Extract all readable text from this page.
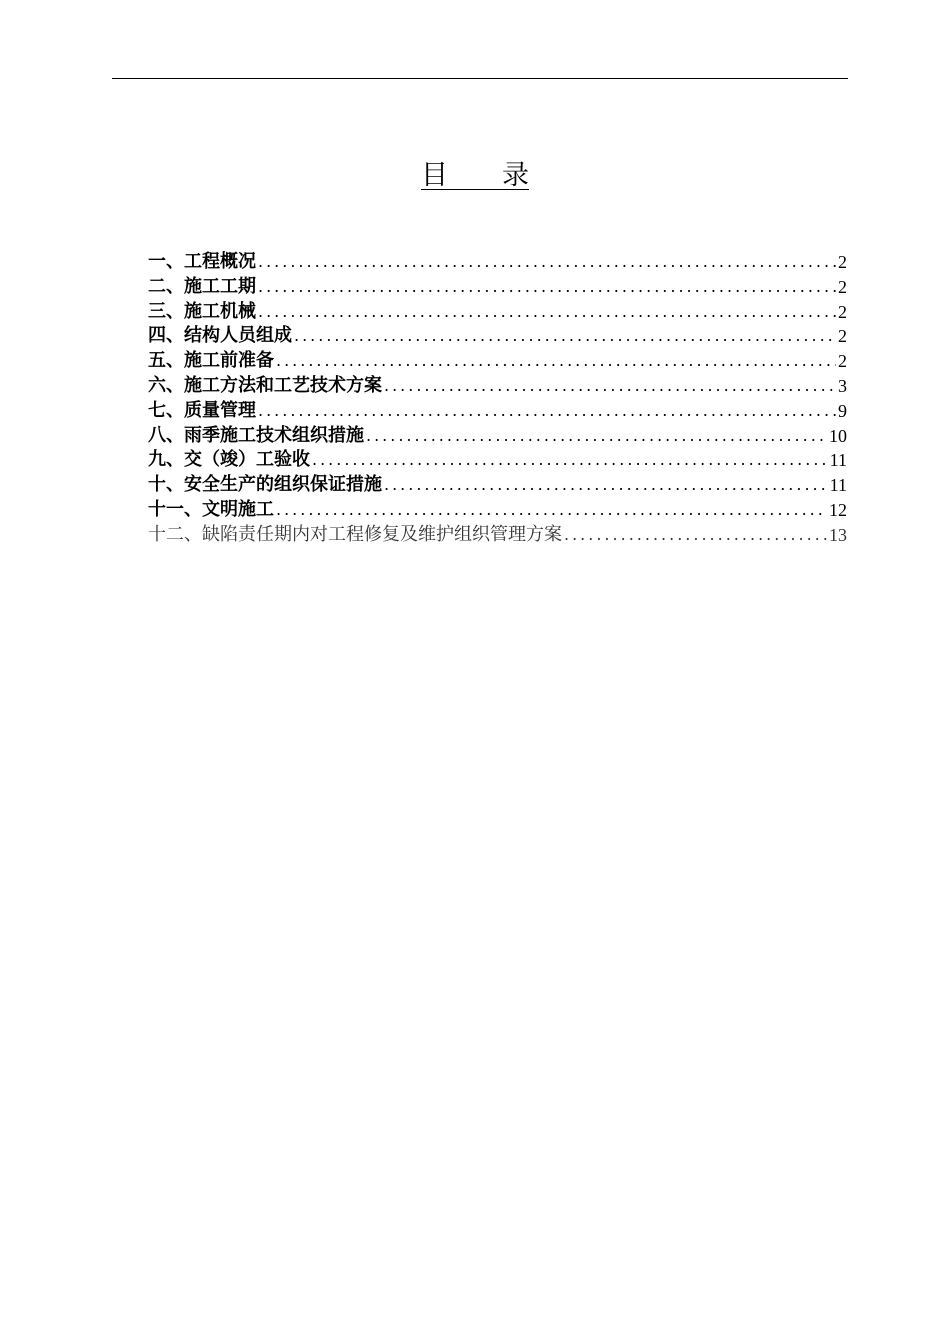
目　　录
一、工程概况 .....	2
二、施工工期 .....	2
三、施工机械 .....	2
四、结构人员组成 .....	2
五、施工前准备 .....	2
六、施工方法和工艺技术方案 .....	3
七、质量管理 .....	9
八、雨季施工技术组织措施 .....	10
九、交（竣）工验收 .....	11
十、安全生产的组织保证措施 .....	11
十一、文明施工 .....	12
十二、缺陷责任期内对工程修复及维护组织管理方案 .....	13
